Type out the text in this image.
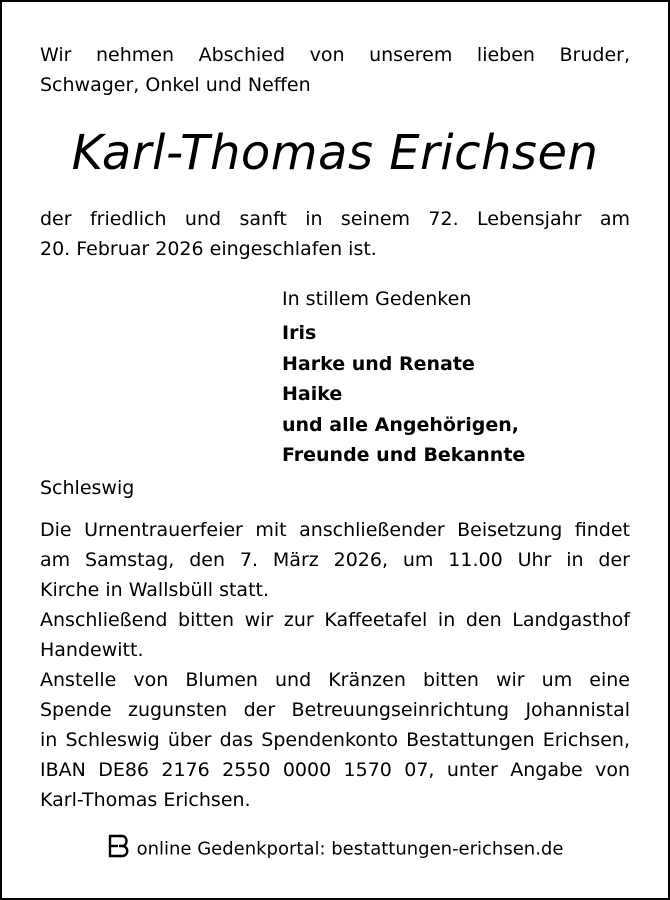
Wir nehmen Abschied von unserem lieben Bruder,

Schwager, Onkel und Neffen

Karl-Thomas Erichsen

der friedlich und sanft in seinem 72. Lebensjahr am

20. Februar 2026 eingeschlafen ist.

In stillem Gedenken

Iris

Harke und Renate

Haike

und alle Angehörigen,

Freunde und Bekannte

Schleswig

Die Urnentrauerfeier mit anschließender Beisetzung findet

am Samstag, den 7. März 2026, um 11.00 Uhr in der

Kirche in Wallsbüll statt.

Anschließend bitten wir zur Kaffeetafel in den Landgasthof

Handewitt.

Anstelle von Blumen und Kränzen bitten wir um eine

Spende zugunsten der Betreuungseinrichtung Johannistal

in Schleswig über das Spendenkonto Bestattungen Erichsen,

IBAN DE86 2176 2550 0000 1570 07, unter Angabe von

Karl-Thomas Erichsen.

online Gedenkportal: bestattungen-erichsen.de
